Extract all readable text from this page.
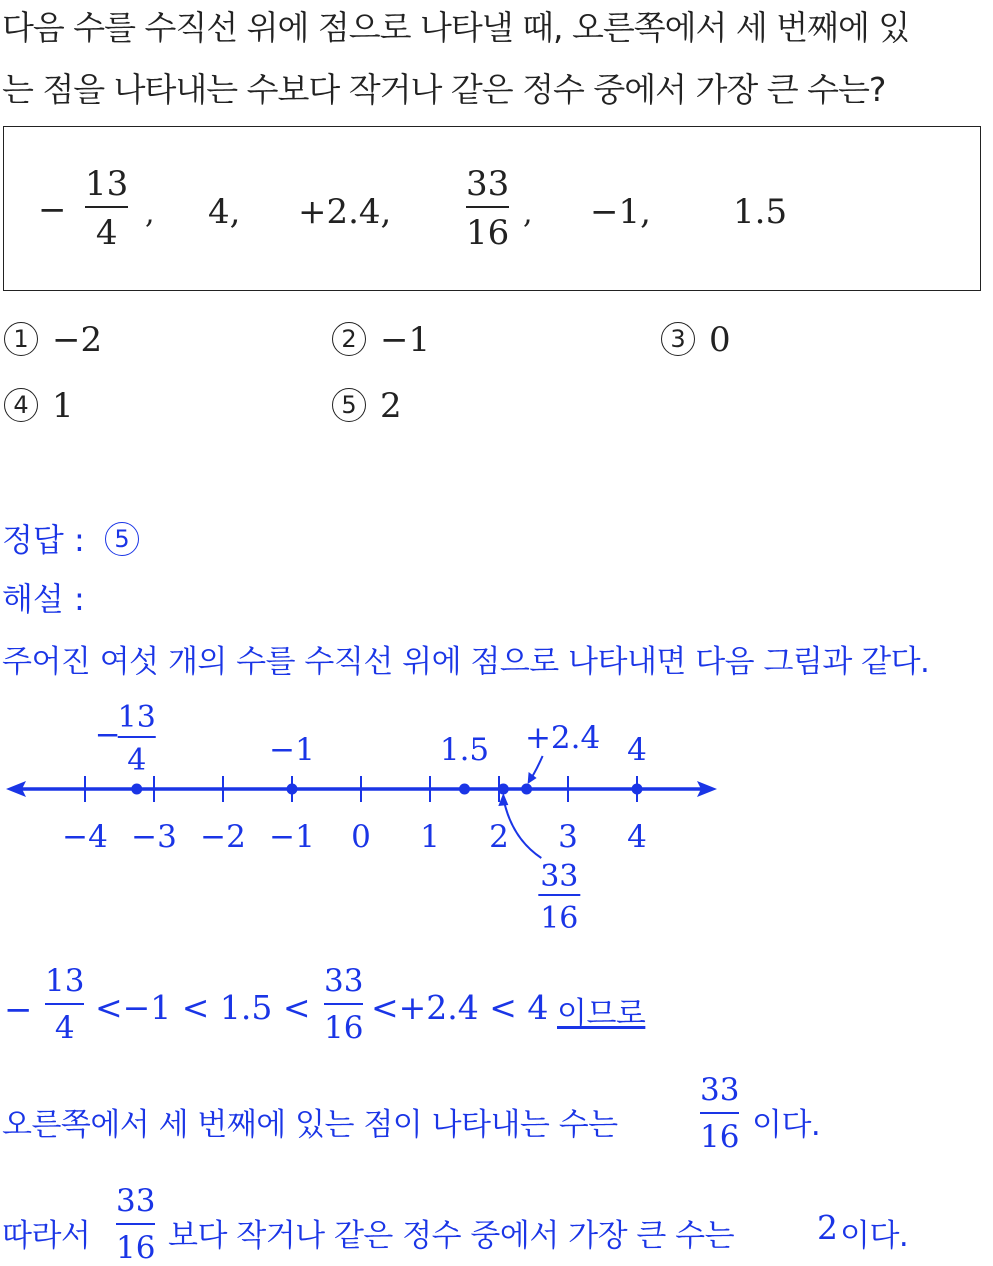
다음 수를 수직선 위에 점으로 나타낼 때, 오른쪽에서 세 번째에 있
는 점을 나타내는 수보다 작거나 같은 정수 중에서 가장 큰 수는?
−
13
4 , 4, +2.4,
33
16 , −1, 1.5
1 −2	2 −1	3 0
4 1	5 2
정답 : 5
해설 :
주어진 여섯 개의 수를 수직선 위에 점으로 나타내면 다음 그림과 같다.
−4 −3 −2 −1 0 1 2 3 4
−
13
4	−1	1.5 +2.4 4
33
16
−
13
4
<−1 < 1.5 <
33
16
<+2.4 < 4 이므로
오른쪽에서 세 번째에 있는 점이 나타내는 수는
33
16 이다.
따라서
33
16 보다 작거나 같은 정수 중에서 가장 큰 수는	2 이다.
